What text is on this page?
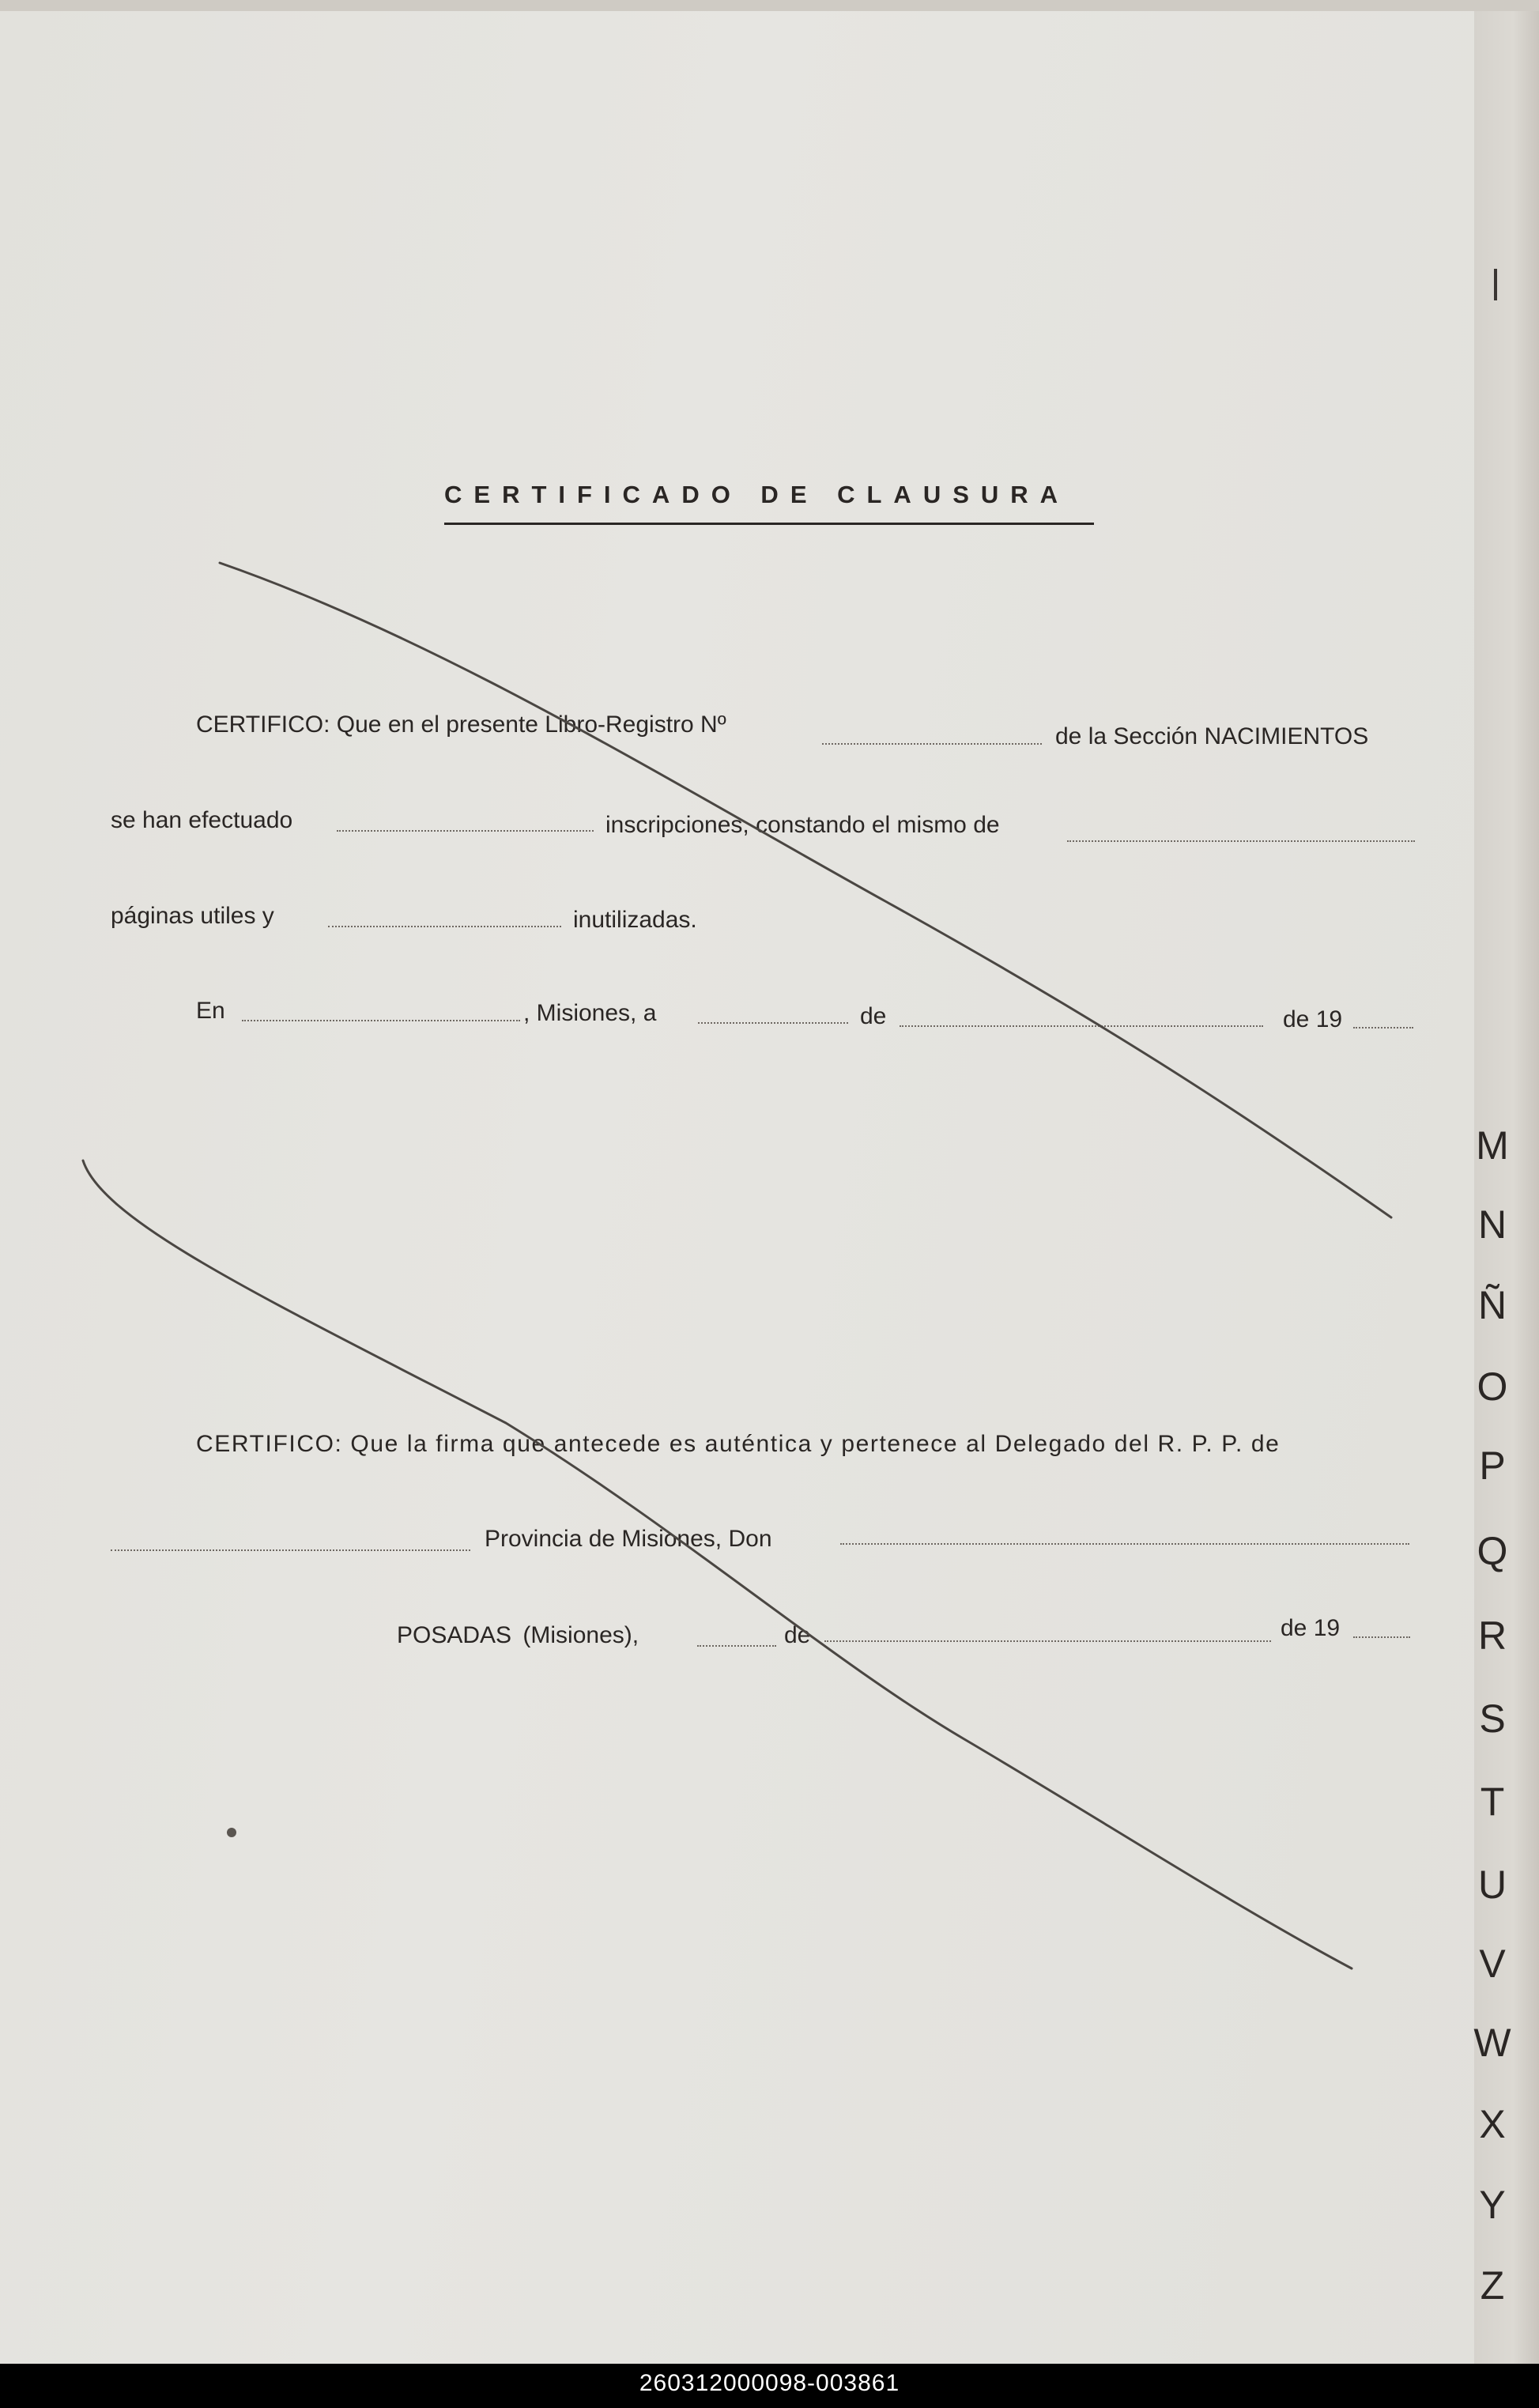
CERTIFICADO DE CLAUSURA
CERTIFICO: Que en el presente Libro-Registro Nº	de la Sección NACIMIENTOS
se han efectuado	inscripciones, constando el mismo de
páginas utiles y	inutilizadas.
En	, Misiones, a	de	de 19
CERTIFICO: Que la firma que antecede es auténtica y pertenece al Delegado del R. P. P. de
Provincia de Misiones, Don
POSADAS (Misiones),	de	de 19
M
N
Ñ
O
P
Q
R
S
T
U
V
W
X
Y
Z
260312000098-003861
